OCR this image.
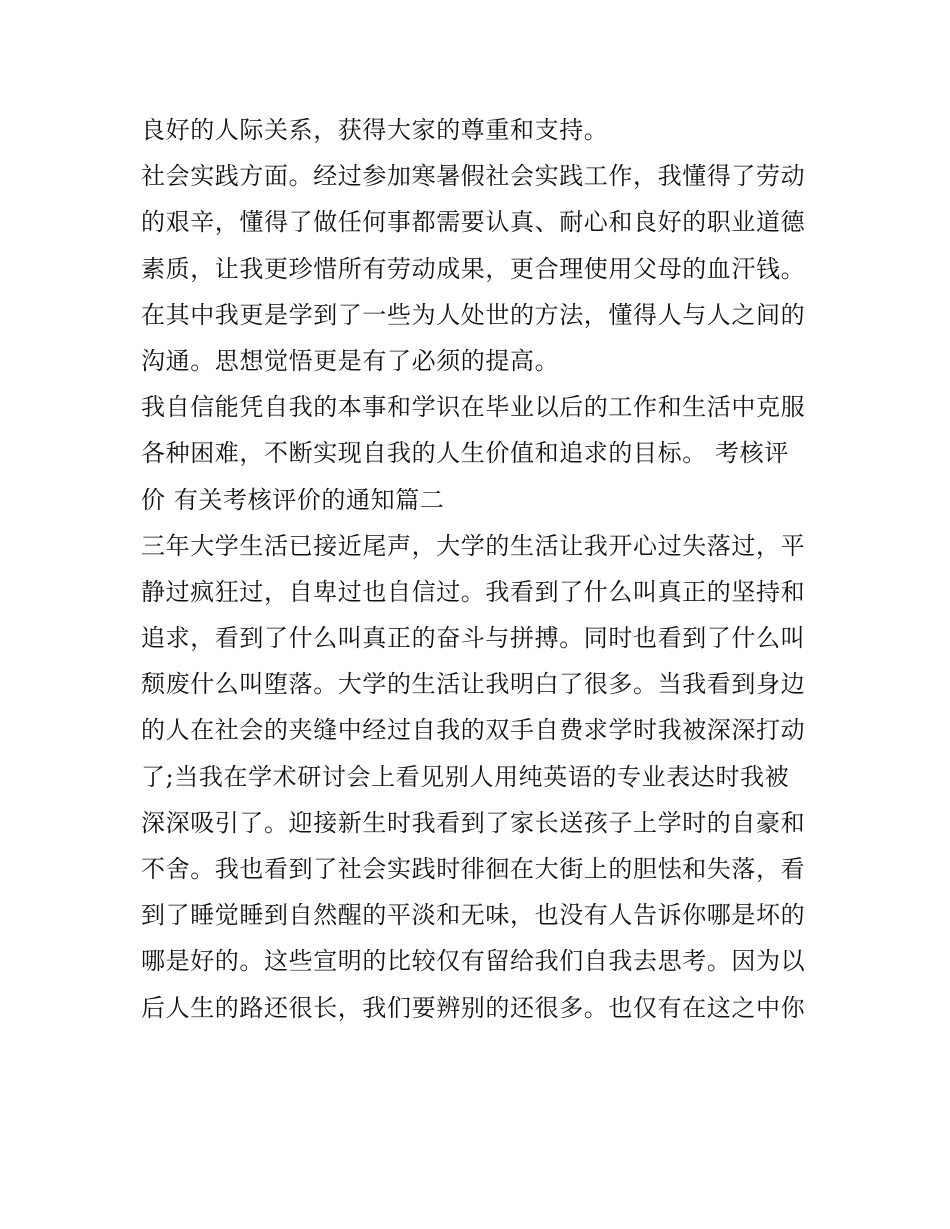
良好的人际关系，获得大家的尊重和支持。
社会实践方面。经过参加寒暑假社会实践工作，我懂得了劳动
的艰辛，懂得了做任何事都需要认真、耐心和良好的职业道德
素质，让我更珍惜所有劳动成果，更合理使用父母的血汗钱。
在其中我更是学到了一些为人处世的方法，懂得人与人之间的
沟通。思想觉悟更是有了必须的提高。
我自信能凭自我的本事和学识在毕业以后的工作和生活中克服
各种困难，不断实现自我的人生价值和追求的目标。 考核评
价 有关考核评价的通知篇二
三年大学生活已接近尾声，大学的生活让我开心过失落过，平
静过疯狂过，自卑过也自信过。我看到了什么叫真正的坚持和
追求，看到了什么叫真正的奋斗与拼搏。同时也看到了什么叫
颓废什么叫堕落。大学的生活让我明白了很多。当我看到身边
的人在社会的夹缝中经过自我的双手自费求学时我被深深打动
了;当我在学术研讨会上看见别人用纯英语的专业表达时我被
深深吸引了。迎接新生时我看到了家长送孩子上学时的自豪和
不舍。我也看到了社会实践时徘徊在大街上的胆怯和失落，看
到了睡觉睡到自然醒的平淡和无味，也没有人告诉你哪是坏的
哪是好的。这些宣明的比较仅有留给我们自我去思考。因为以
后人生的路还很长，我们要辨别的还很多。也仅有在这之中你
